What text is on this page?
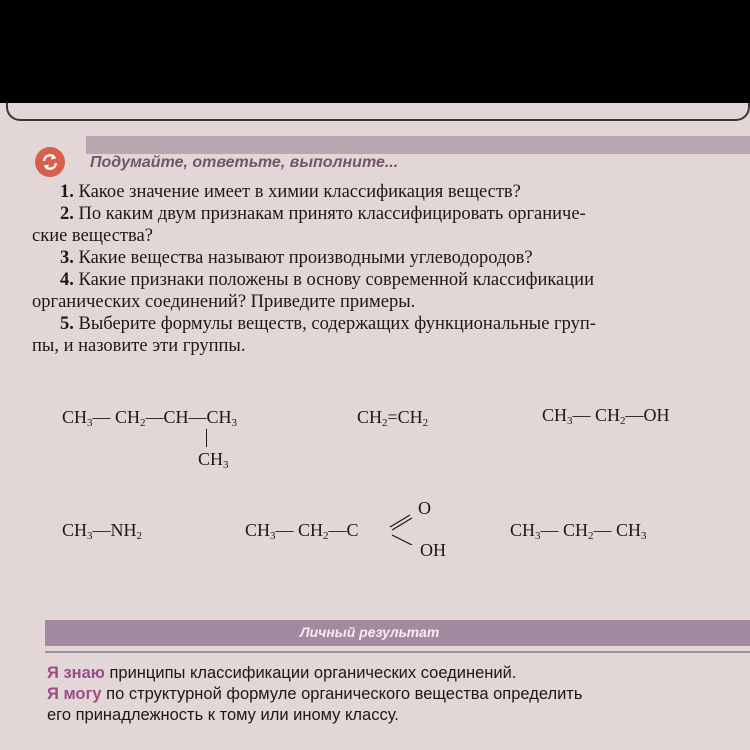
Подумайте, ответьте, выполните...

1. Какое значение имеет в химии классификация веществ?

2. По каким двум признакам принято классифицировать органиче-

ские вещества?

3. Какие вещества называют производными углеводородов?

4. Какие признаки положены в основу современной классификации

органических соединений? Приведите примеры.

5. Выберите формулы веществ, содержащих функциональные груп-

пы, и назовите эти группы.

$CH_3—$ $CH_2—CH—CH_3$
$CH_3$
$CH_2=CH_2$	$CH_3—$ $CH_2—OH$
$CH_3—NH_2$	$CH_3—$ $CH_2—C$
O
OH
$CH_3—$ $CH_2—$ $CH_3$
Личный результат

Я знаю принципы классификации органических соединений.

Я могу по структурной формуле органического вещества определить

его принадлежность к тому или иному классу.
